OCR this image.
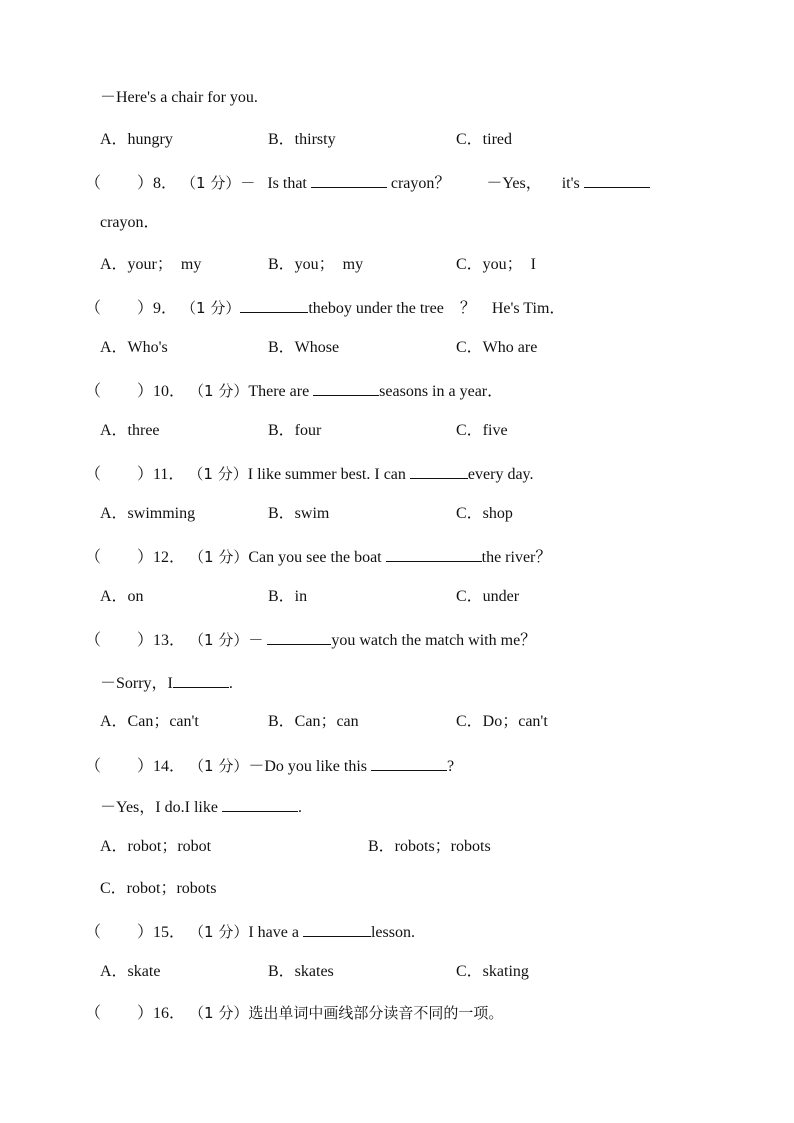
－Here's a chair for you.
A．hungry	B．thirsty	C．tired
（ ）8． （1 分）－ Is that	crayon？ －Yes， it's
crayon．
A．your；　my	B．you；　my	C．you；　I
（ ）9． （1 分）	theboy under the tree　？　He's Tim．
A．Who's	B．Whose	C．Who are
（ ）10． （1 分）There are	seasons in a year．
A．three	B．four	C．five
（ ）11． （1 分）I like summer best. I can	every day.
A．swimming	B．swim	C．shop
（ ）12． （1 分）Can you see the boat	the river？
A．on	B．in	C．under
（ ）13． （1 分）－	you watch the match with me？
－Sorry，I	.
A．Can；can't	B．Can；can	C．Do；can't
（ ）14． （1 分）－Do you like this	?
－Yes，I do.I like	.
A．robot；robot	B．robots；robots
C．robot；robots
（ ）15． （1 分）I have a	lesson.
A．skate	B．skates	C．skating
（ ）16． （1 分）选出单词中画线部分读音不同的一项。
